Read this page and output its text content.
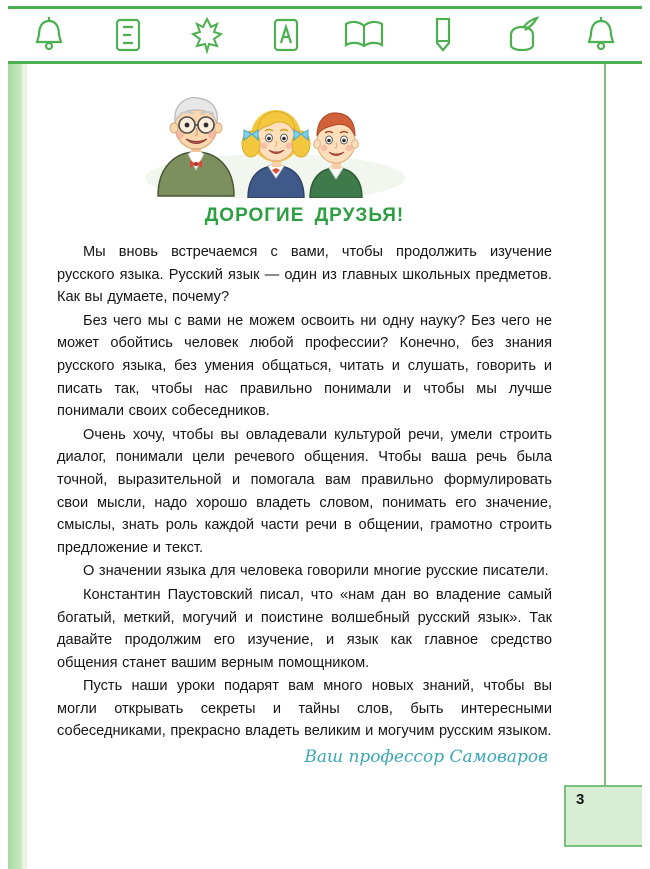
ДОРОГИЕ ДРУЗЬЯ!

Мы вновь встречаемся с вами, чтобы продолжить изучение русского языка. Русский язык — один из главных школьных предметов. Как вы думаете, почему?

Без чего мы с вами не можем освоить ни одну науку? Без чего не может обойтись человек любой профессии? Конечно, без знания русского языка, без умения общаться, читать и слушать, говорить и писать так, чтобы нас правильно понимали и чтобы мы лучше понимали своих собеседников.

Очень хочу, чтобы вы овладевали культурой речи, умели строить диалог, понимали цели речевого общения. Чтобы ваша речь была точной, выразительной и помогала вам правильно формулировать свои мысли, надо хорошо владеть словом, понимать его значение, смыслы, знать роль каждой части речи в общении, грамотно строить предложение и текст.

О значении языка для человека говорили многие русские писатели.

Константин Паустовский писал, что «нам дан во владение самый богатый, меткий, могучий и поистине волшебный русский язык». Так давайте продолжим его изучение, и язык как главное средство общения станет вашим верным помощником.

Пусть наши уроки подарят вам много новых знаний, чтобы вы могли открывать секреты и тайны слов, быть интересными собеседниками, прекрасно владеть великим и могучим русским языком.

Ваш профессор Самоваров
3
